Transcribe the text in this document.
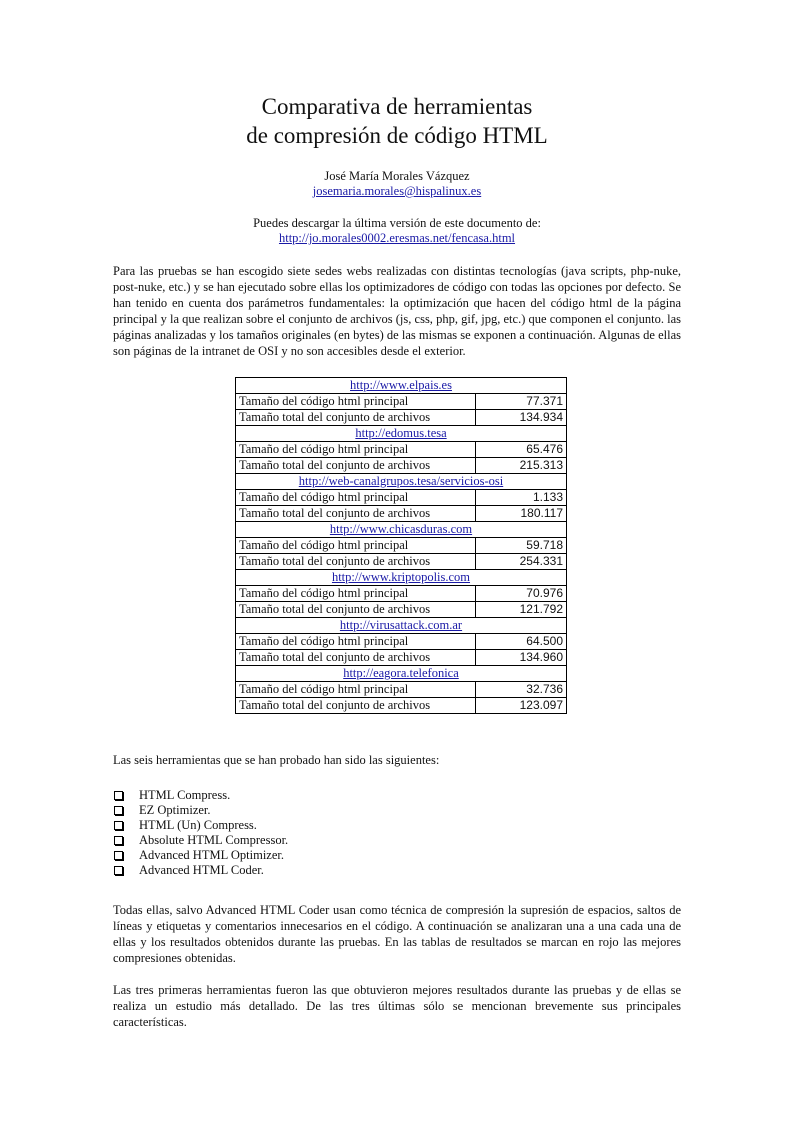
Comparativa de herramientas
de compresión de código HTML
José María Morales Vázquez
josemaria.morales@hispalinux.es
Puedes descargar la última versión de este documento de:
http://jo.morales0002.eresmas.net/fencasa.html

Para las pruebas se han escogido siete sedes webs realizadas con distintas tecnologías (java scripts, php-nuke, post-nuke, etc.) y se han ejecutado sobre ellas los optimizadores de código con todas las opciones por defecto. Se han tenido en cuenta dos parámetros fundamentales: la optimización que hacen del código html de la página principal y la que realizan sobre el conjunto de archivos (js, css, php, gif, jpg, etc.) que componen el conjunto. las páginas analizadas y los tamaños originales (en bytes) de las mismas se exponen a continuación. Algunas de ellas son páginas de la intranet de OSI y no son accesibles desde el exterior.

http://www.elpais.es	
Tamaño del código html principal	77.371
Tamaño total del conjunto de archivos	134.934
http://edomus.tesa	
Tamaño del código html principal	65.476
Tamaño total del conjunto de archivos	215.313
http://web-canalgrupos.tesa/servicios-osi	
Tamaño del código html principal	1.133
Tamaño total del conjunto de archivos	180.117
http://www.chicasduras.com	
Tamaño del código html principal	59.718
Tamaño total del conjunto de archivos	254.331
http://www.kriptopolis.com	
Tamaño del código html principal	70.976
Tamaño total del conjunto de archivos	121.792
http://virusattack.com.ar	
Tamaño del código html principal	64.500
Tamaño total del conjunto de archivos	134.960
http://eagora.telefonica	
Tamaño del código html principal	32.736
Tamaño total del conjunto de archivos	123.097

Las seis herramientas que se han probado han sido las siguientes:

HTML Compress.
EZ Optimizer.
HTML (Un) Compress.
Absolute HTML Compressor.
Advanced HTML Optimizer.
Advanced HTML Coder.

Todas ellas, salvo Advanced HTML Coder usan como técnica de compresión la supresión de espacios, saltos de líneas y etiquetas y comentarios innecesarios en el código. A continuación se analizaran una a una cada una de ellas y los resultados obtenidos durante las pruebas. En las tablas de resultados se marcan en rojo las mejores compresiones obtenidas.

Las tres primeras herramientas fueron las que obtuvieron mejores resultados durante las pruebas y de ellas se realiza un estudio más detallado. De las tres últimas sólo se mencionan brevemente sus principales características.
